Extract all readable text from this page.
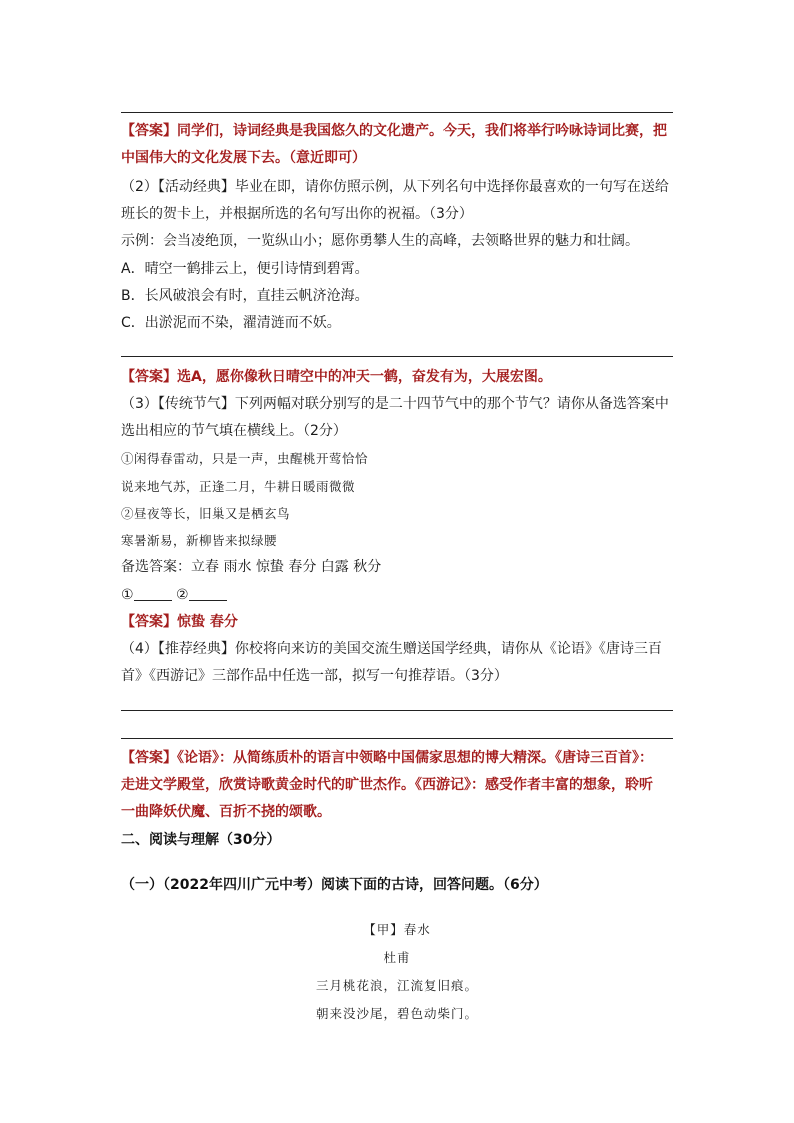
【答案】同学们，诗词经典是我国悠久的文化遗产。今天，我们将举行吟咏诗词比赛，把
中国伟大的文化发展下去。（意近即可）
（2）【活动经典】毕业在即，请你仿照示例，从下列名句中选择你最喜欢的一句写在送给
班长的贺卡上，并根据所选的名句写出你的祝福。（3分）
示例：会当凌绝顶，一览纵山小；愿你勇攀人生的高峰，去领略世界的魅力和壮阔。
A．晴空一鹤排云上，便引诗情到碧霄。
B．长风破浪会有时，直挂云帆济沧海。
C．出淤泥而不染，濯清涟而不妖。
【答案】选A，愿你像秋日晴空中的冲天一鹤，奋发有为，大展宏图。
（3）【传统节气】下列两幅对联分别写的是二十四节气中的那个节气？请你从备选答案中
选出相应的节气填在横线上。（2分）
①闲得春雷动，只是一声，虫醒桃开莺恰恰
说来地气苏，正逢二月，牛耕日暖雨微微
②昼夜等长，旧巢又是栖玄鸟
寒暑渐易，新柳皆来拟绿腰
备选答案：立春 雨水 惊蛰 春分 白露 秋分
①	②
【答案】惊蛰 春分
（4）【推荐经典】你校将向来访的美国交流生赠送国学经典，请你从《论语》《唐诗三百
首》《西游记》三部作品中任选一部，拟写一句推荐语。（3分）
【答案】《论语》：从简练质朴的语言中领略中国儒家思想的博大精深。《唐诗三百首》：
走进文学殿堂，欣赏诗歌黄金时代的旷世杰作。《西游记》：感受作者丰富的想象，聆听
一曲降妖伏魔、百折不挠的颂歌。
二、阅读与理解（30分）
（一）（2022年四川广元中考）阅读下面的古诗，回答问题。（6分）
【甲】春水
杜甫
三月桃花浪，江流复旧痕。
朝来没沙尾，碧色动柴门。
